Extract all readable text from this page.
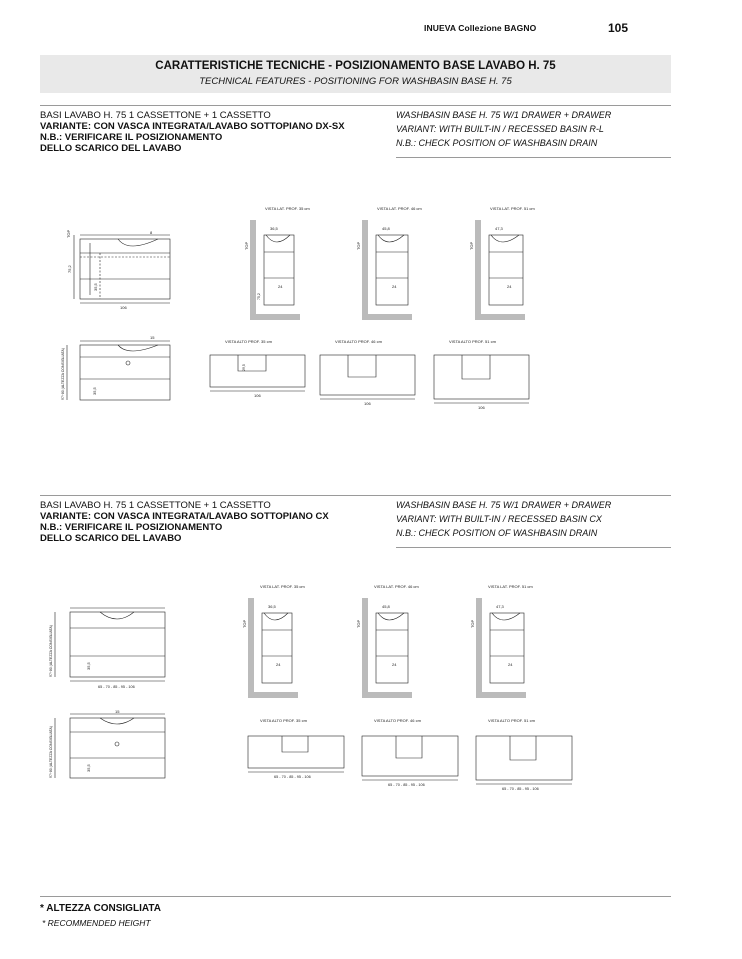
INUEVA Collezione BAGNO	105
CARATTERISTICHE TECNICHE - POSIZIONAMENTO BASE LAVABO H. 75
TECHNICAL FEATURES - POSITIONING FOR WASHBASIN BASE H. 75
BASI LAVABO H. 75 1 CASSETTONE + 1 CASSETTO
VARIANTE: CON VASCA INTEGRATA/LAVABO SOTTOPIANO DX-SX
N.B.: VERIFICARE IL POSIZIONAMENTO
DELLO SCARICO DEL LAVABO
WASHBASIN BASE H. 75 W/1 DRAWER + DRAWER
VARIANT: WITH BUILT-IN / RECESSED BASIN R-L
N.B.: CHECK POSITION OF WASHBASIN DRAIN
TOP
75,2
35,5
106
8
97÷80 (ALTEZZA CONSIGLIATA)	35,5
15
VISTA LAT. PROF. 35 cm
36,5
TOP
75,2
24
VISTA LAT. PROF. 46 cm
45,8
TOP
24
VISTA LAT. PROF. 51 cm
47,3
TOP
24
VISTA ALTO PROF. 35 cm
106
29,5
VISTA ALTO PROF. 46 cm
106
VISTA ALTO PROF. 51 cm
106
BASI LAVABO H. 75 1 CASSETTONE + 1 CASSETTO
VARIANTE: CON VASCA INTEGRATA/LAVABO SOTTOPIANO CX
N.B.: VERIFICARE IL POSIZIONAMENTO
DELLO SCARICO DEL LAVABO
WASHBASIN BASE H. 75 W/1 DRAWER + DRAWER
VARIANT: WITH BUILT-IN / RECESSED BASIN CX
N.B.: CHECK POSITION OF WASHBASIN DRAIN
97÷80 (ALTEZZA CONSIGLIATA)	35,5
65 - 70 - 85 - 95 - 106
97÷80 (ALTEZZA CONSIGLIATA)	35,5
15
VISTA LAT. PROF. 35 cm
36,5
TOP
24
VISTA LAT. PROF. 46 cm
45,8
TOP
24
VISTA LAT. PROF. 51 cm
47,3
TOP
24
VISTA ALTO PROF. 35 cm
65 - 70 - 85 - 95 - 106
VISTA ALTO PROF. 46 cm
65 - 70 - 85 - 95 - 106
VISTA ALTO PROF. 51 cm
65 - 70 - 85 - 95 - 106
* ALTEZZA CONSIGLIATA
* RECOMMENDED HEIGHT
